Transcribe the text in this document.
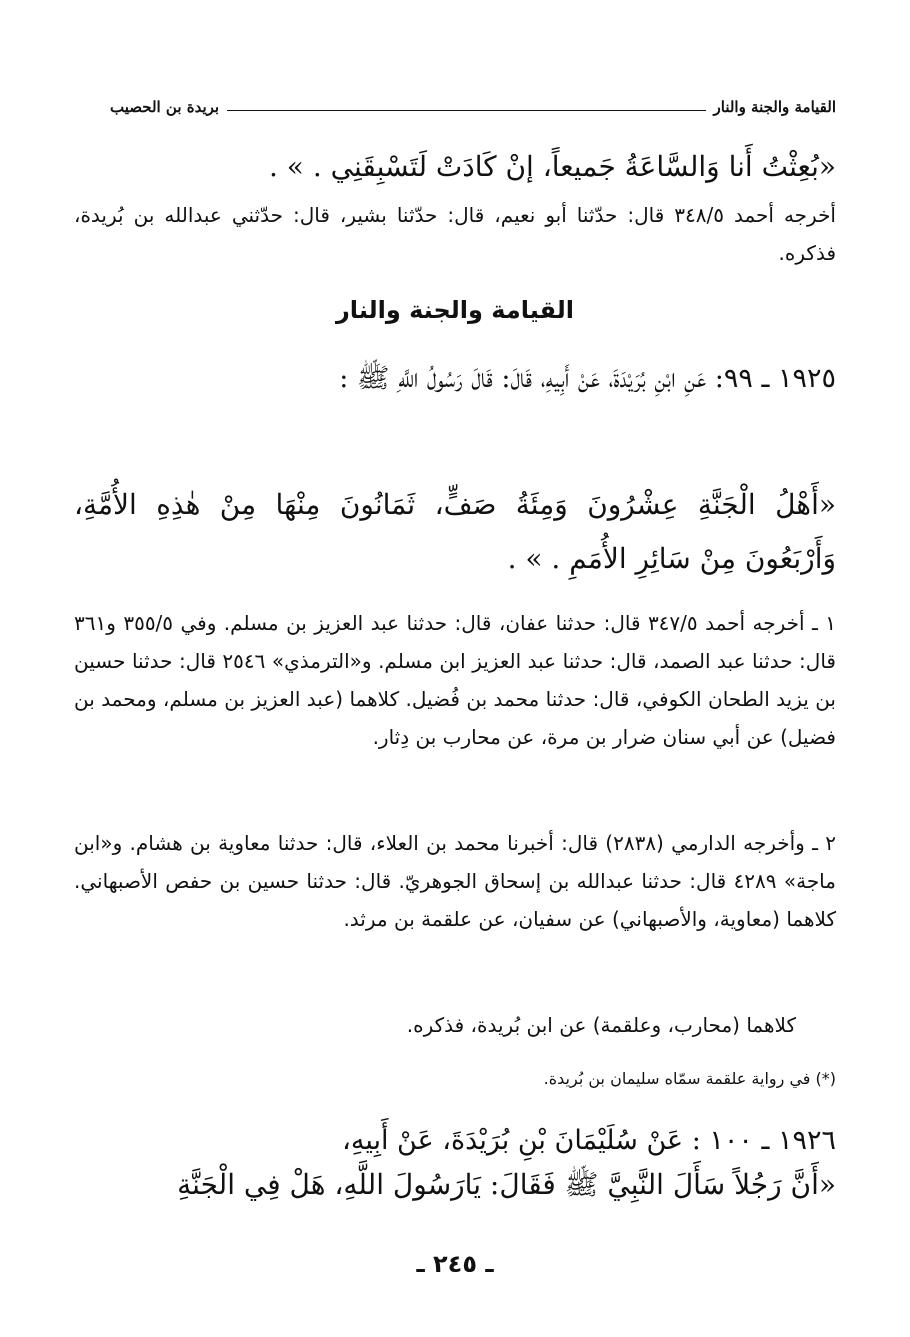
القيامة والجنة والنار
بريدة بن الحصيب
«بُعِثْتُ أَنا وَالسَّاعَةُ جَميعاً، إنْ كَادَتْ لَتَسْبِقَنِي . » .
أخرجه أحمد ٣٤٨/٥ قال: حدّثنا أبو نعيم، قال: حدّثنا بشير، قال: حدّثني عبدالله بن بُريدة، فذكره.
القيامة والجنة والنار
١٩٢٥ ـ ٩٩: عَنِ ابْنِ بُرَيْدَةَ، عَنْ أَبِيهِ، قَالَ: قَالَ رَسُولُ اللَّهِ ﷺ :
«أَهْلُ الْجَنَّةِ عِشْرُونَ وَمِئَةُ صَفٍّ، ثَمَانُونَ مِنْهَا مِنْ هٰذِهِ الأُمَّةِ، وَأَرْبَعُونَ مِنْ سَائِرِ الأُمَمِ . » .
١ ـ أخرجه أحمد ٣٤٧/٥ قال: حدثنا عفان، قال: حدثنا عبد العزيز بن مسلم. وفي ٣٥٥/٥ و٣٦١ قال: حدثنا عبد الصمد، قال: حدثنا عبد العزيز ابن مسلم. و«الترمذي» ٢٥٤٦ قال: حدثنا حسين بن يزيد الطحان الكوفي، قال: حدثنا محمد بن فُضيل. كلاهما (عبد العزيز بن مسلم، ومحمد بن فضيل) عن أبي سنان ضرار بن مرة، عن محارب بن دِثار.
٢ ـ وأخرجه الدارمي (٢٨٣٨) قال: أخبرنا محمد بن العلاء، قال: حدثنا معاوية بن هشام. و«ابن ماجة» ٤٢٨٩ قال: حدثنا عبدالله بن إسحاق الجوهريّ. قال: حدثنا حسين بن حفص الأصبهاني. كلاهما (معاوية، والأصبهاني) عن سفيان، عن علقمة بن مرثد.
كلاهما (محارب، وعلقمة) عن ابن بُريدة، فذكره.
(*) في رواية علقمة سمّاه سليمان بن بُريدة.
١٩٢٦ ـ ١٠٠ : عَنْ سُلَيْمَانَ بْنِ بُرَيْدَةَ، عَنْ أَبِيهِ،
«أَنَّ رَجُلاً سَأَلَ النَّبِيَّ ﷺ فَقَالَ: يَارَسُولَ اللَّهِ، هَلْ فِي الْجَنَّةِ
ـ ٢٤٥ ـ
